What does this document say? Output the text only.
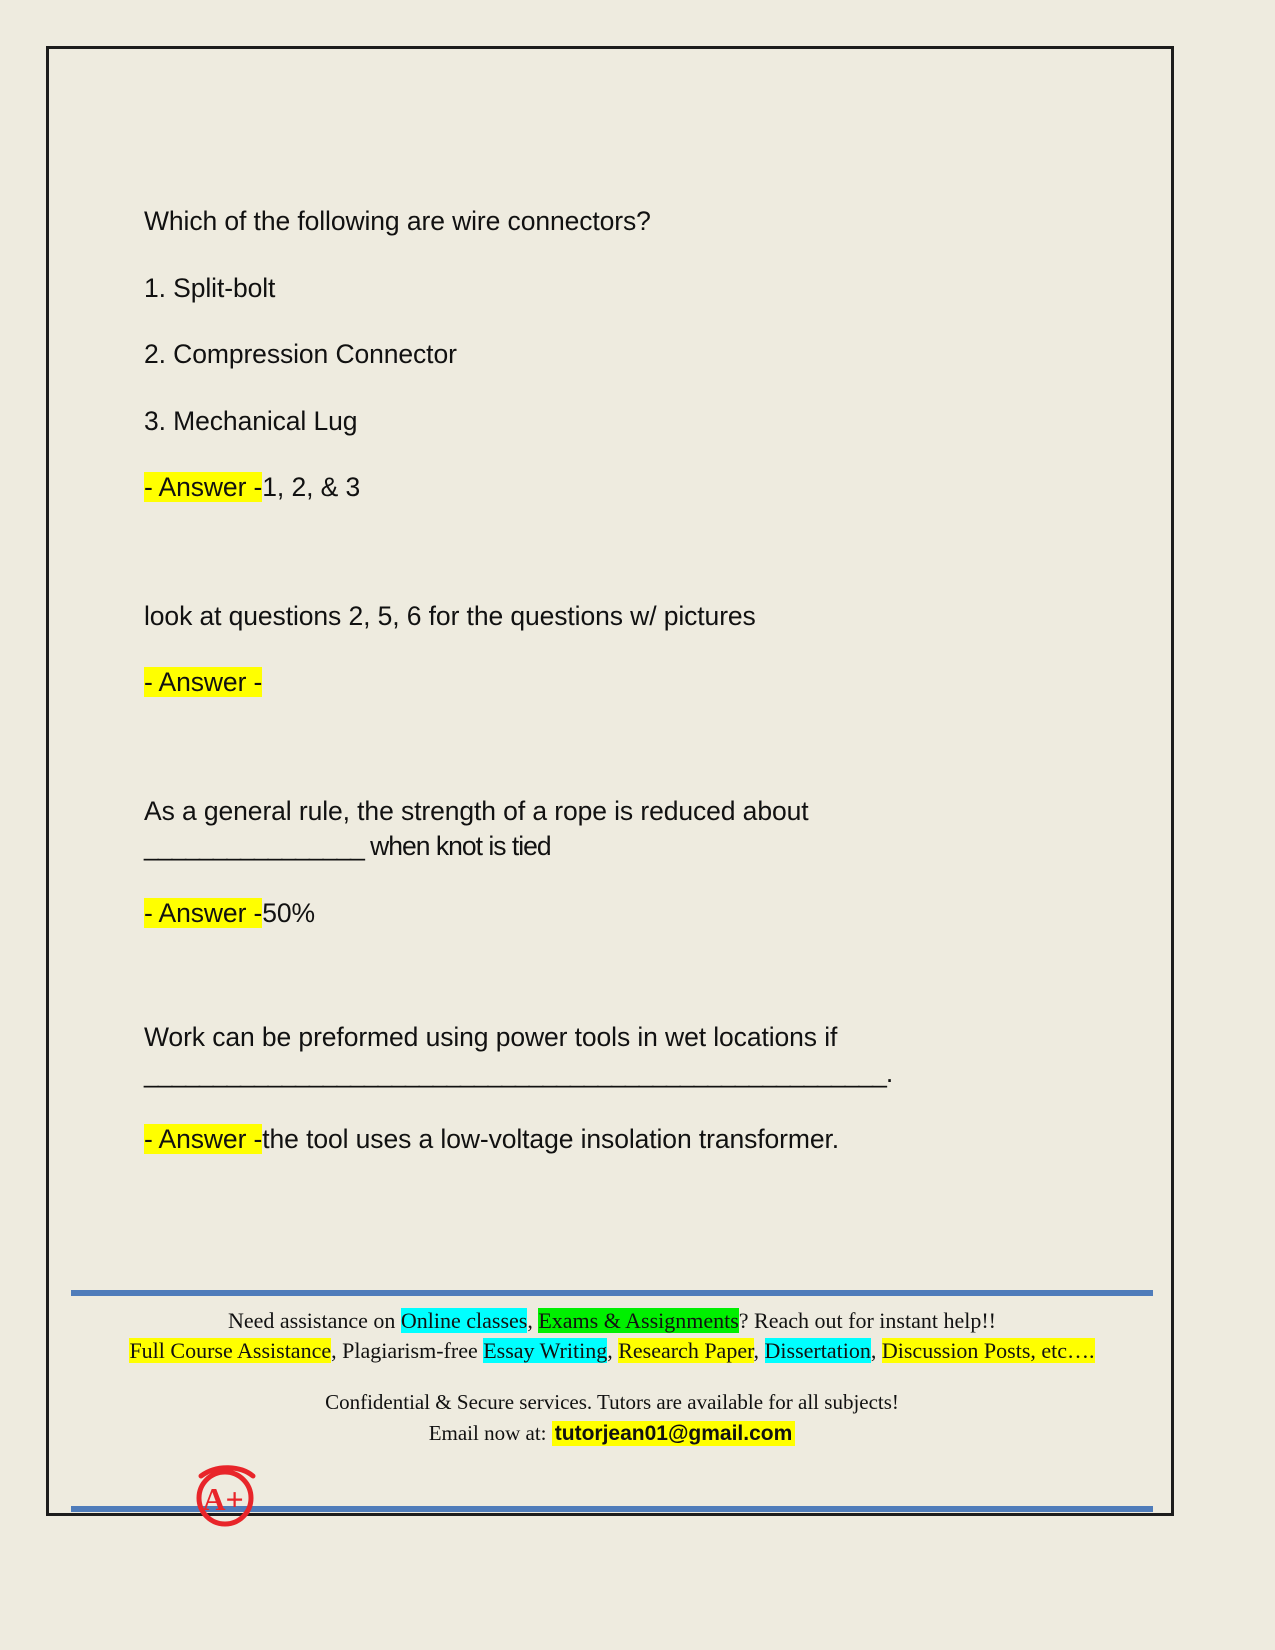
Which of the following are wire connectors?

1. Split-bolt

2. Compression Connector

3. Mechanical Lug

- Answer -1, 2, & 3

look at questions 2, 5, 6 for the questions w/ pictures

- Answer -

As a general rule, the strength of a rope is reduced about
________________ when knot is tied

- Answer -50%

Work can be preformed using power tools in wet locations if
______________________________________________________.

- Answer -the tool uses a low-voltage insolation transformer.

Need assistance on Online classes, Exams & Assignments? Reach out for instant help!!
Full Course Assistance, Plagiarism-free Essay Writing, Research Paper, Dissertation, Discussion Posts, etc….
Confidential & Secure services. Tutors are available for all subjects!
Email now at: tutorjean01@gmail.com
A+
